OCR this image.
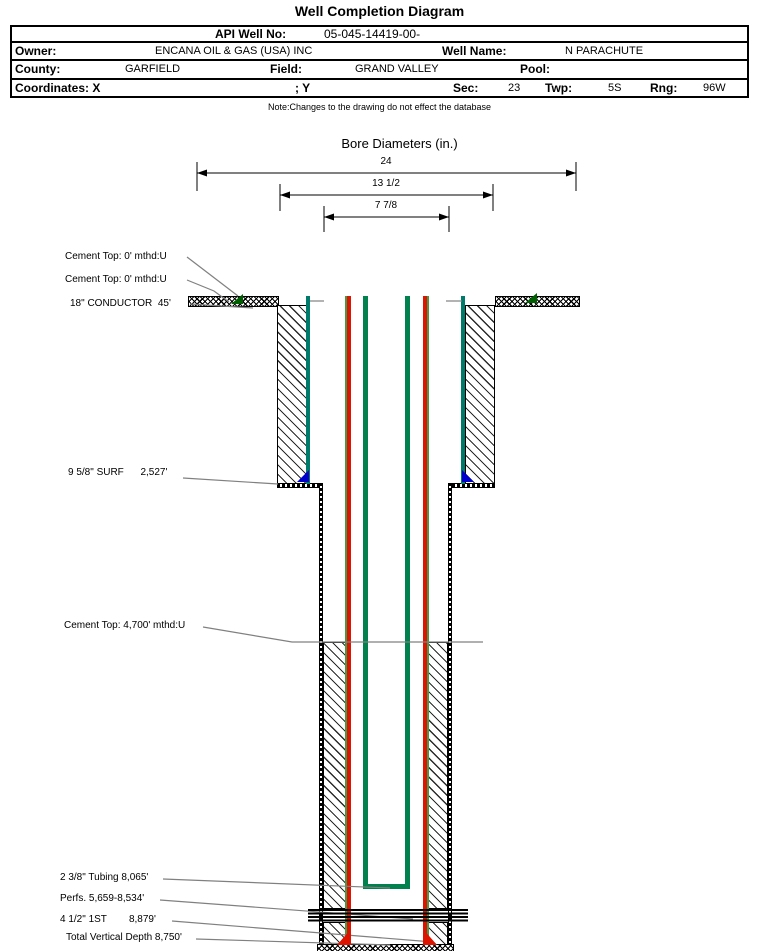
Well Completion Diagram
API Well No:	05-045-14419-00-
Owner:	ENCANA OIL & GAS (USA) INC	Well Name:	N PARACHUTE
County:	GARFIELD	Field:	GRAND VALLEY	Pool:
Coordinates: X	; Y	Sec:	23 Twp:	5S Rng: 96W
Note:Changes to the drawing do not effect the database
Bore Diameters (in.)
24
13 1/2
7 7/8
Cement Top: 0' mthd:U
Cement Top: 0' mthd:U
18" CONDUCTOR  45'
9 5/8" SURF      2,527'
Cement Top: 4,700' mthd:U
2 3/8" Tubing 8,065'
Perfs. 5,659-8,534'
4 1/2" 1ST        8,879'
Total Vertical Depth 8,750'
